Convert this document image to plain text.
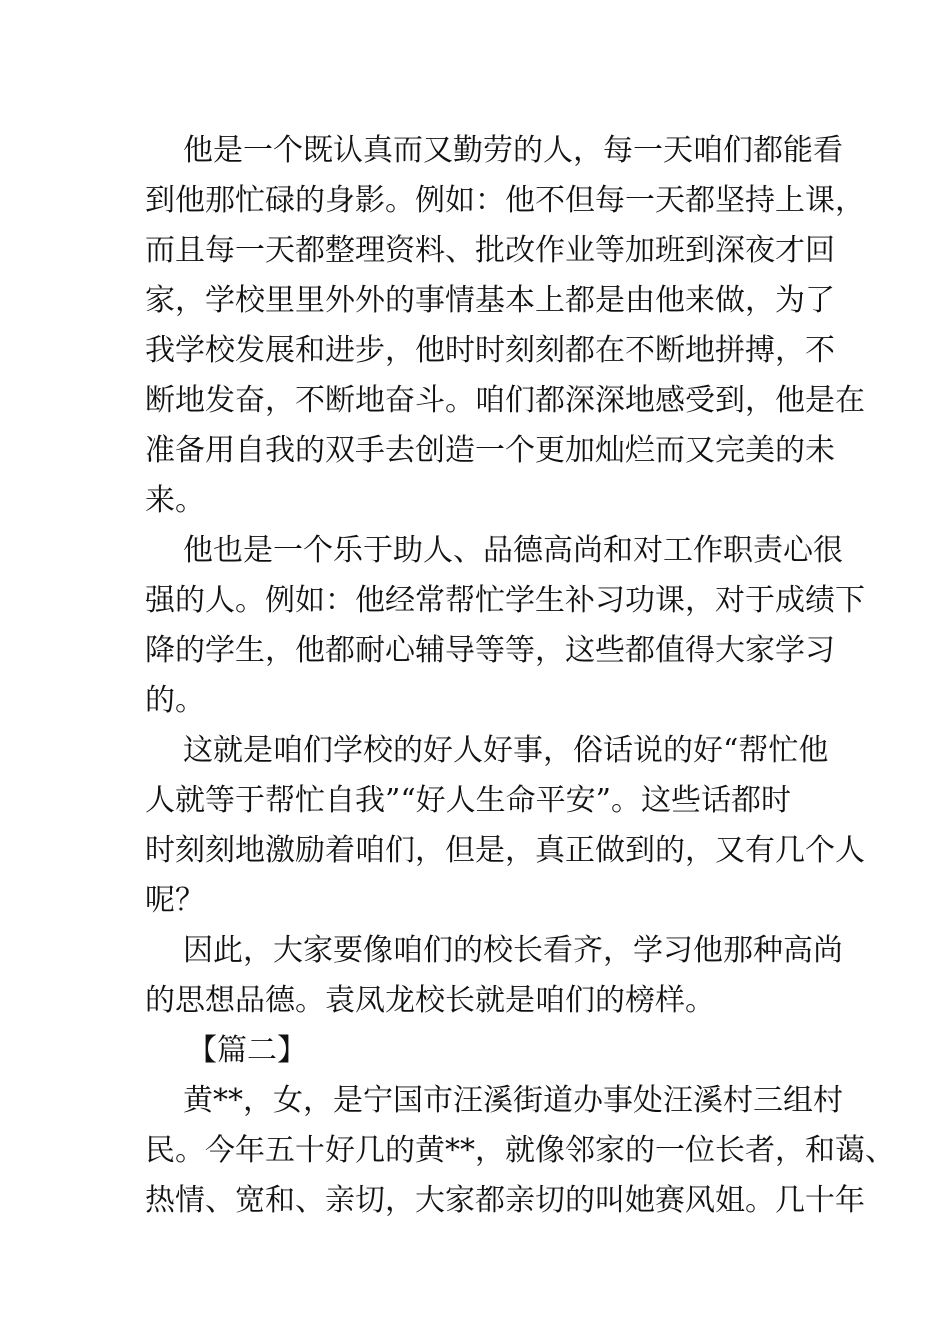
他是一个既认真而又勤劳的人，每一天咱们都能看
到他那忙碌的身影。例如：他不但每一天都坚持上课，
而且每一天都整理资料、批改作业等加班到深夜才回
家，学校里里外外的事情基本上都是由他来做，为了
我学校发展和进步，他时时刻刻都在不断地拼搏，不
断地发奋，不断地奋斗。咱们都深深地感受到，他是在
准备用自我的双手去创造一个更加灿烂而又完美的未
来。
他也是一个乐于助人、品德高尚和对工作职责心很
强的人。例如：他经常帮忙学生补习功课，对于成绩下
降的学生，他都耐心辅导等等，这些都值得大家学习
的。
这就是咱们学校的好人好事，俗话说的好“帮忙他
人就等于帮忙自我”“好人生命平安”。这些话都时
时刻刻地激励着咱们，但是，真正做到的，又有几个人
呢？
因此，大家要像咱们的校长看齐，学习他那种高尚
的思想品德。袁凤龙校长就是咱们的榜样。
【篇二】
黄**，女，是宁国市汪溪街道办事处汪溪村三组村
民。今年五十好几的黄**，就像邻家的一位长者，和蔼、
热情、宽和、亲切，大家都亲切的叫她赛风姐。几十年
